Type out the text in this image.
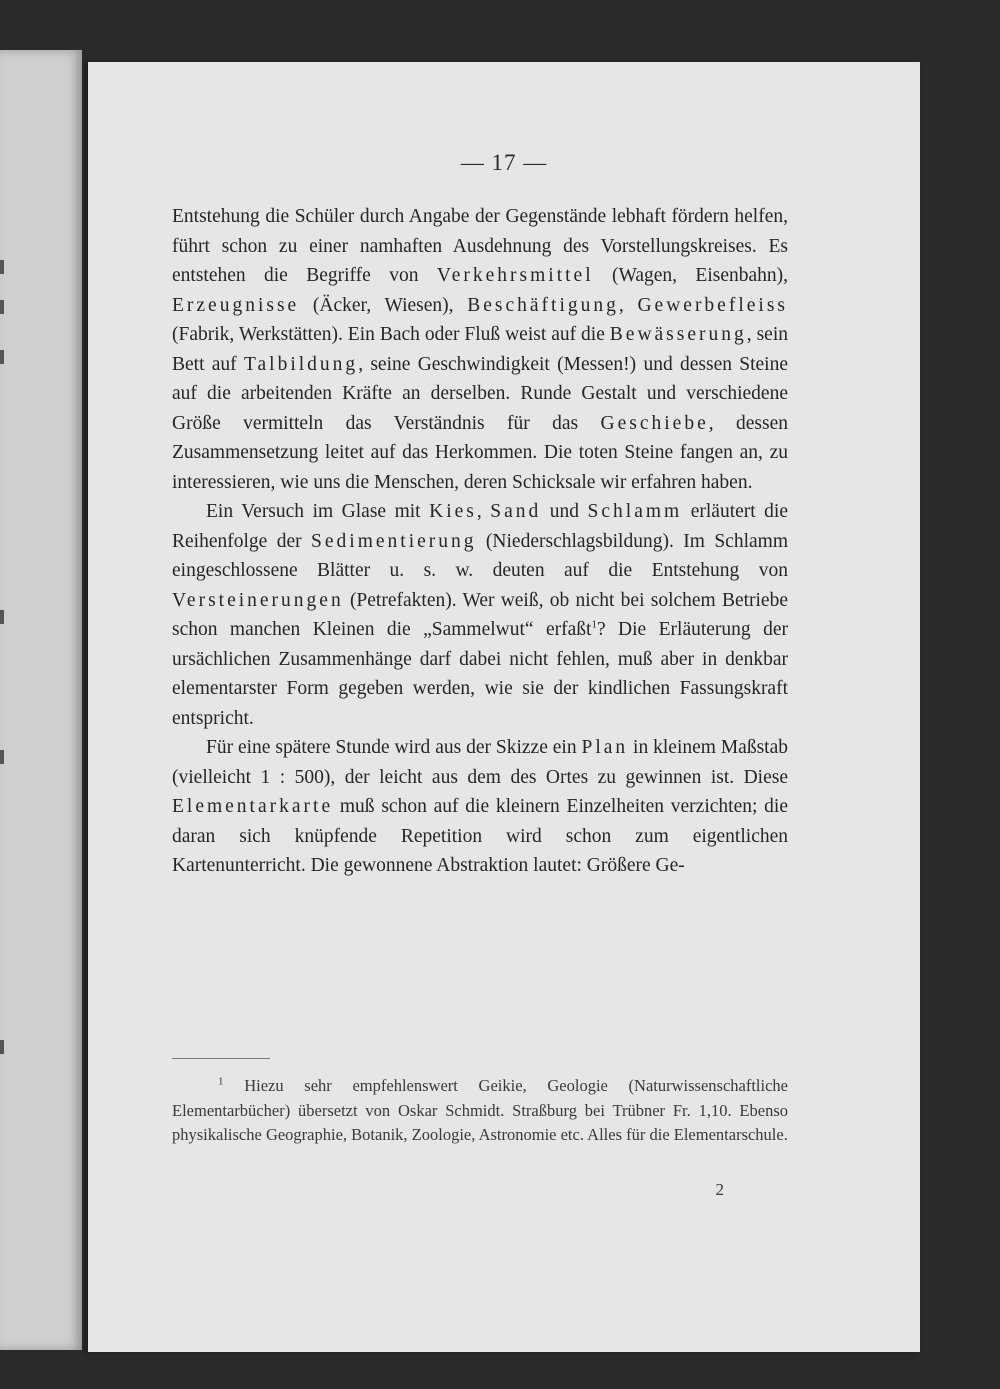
— 17 —

Entstehung die Schüler durch Angabe der Gegenstände lebhaft fördern helfen, führt schon zu einer namhaften Ausdehnung des Vorstellungskreises. Es entstehen die Begriffe von Verkehrsmittel (Wagen, Eisenbahn), Erzeugnisse (Äcker, Wiesen), Beschäftigung, Gewerbefleiss (Fabrik, Werkstätten). Ein Bach oder Fluß weist auf die Bewässerung, sein Bett auf Talbildung, seine Geschwindigkeit (Messen!) und dessen Steine auf die arbeitenden Kräfte an derselben. Runde Gestalt und verschiedene Größe vermitteln das Verständnis für das Geschiebe, dessen Zusammensetzung leitet auf das Herkommen. Die toten Steine fangen an, zu interessieren, wie uns die Menschen, deren Schicksale wir erfahren haben.

Ein Versuch im Glase mit Kies, Sand und Schlamm erläutert die Reihenfolge der Sedimentierung (Niederschlagsbildung). Im Schlamm eingeschlossene Blätter u. s. w. deuten auf die Entstehung von Versteinerungen (Petrefakten). Wer weiß, ob nicht bei solchem Betriebe schon manchen Kleinen die „Sammelwut“ erfaßt$^1$? Die Erläuterung der ursächlichen Zusammenhänge darf dabei nicht fehlen, muß aber in denkbar elementarster Form gegeben werden, wie sie der kindlichen Fassungskraft entspricht.

Für eine spätere Stunde wird aus der Skizze ein Plan in kleinem Maßstab (vielleicht 1 : 500), der leicht aus dem des Ortes zu gewinnen ist. Diese Elementarkarte muß schon auf die kleinern Einzelheiten verzichten; die daran sich knüpfende Repetition wird schon zum eigentlichen Kartenunterricht. Die gewonnene Abstraktion lautet: Größere Ge-

$^1$ Hiezu sehr empfehlenswert Geikie, Geologie (Naturwissenschaftliche Elementarbücher) übersetzt von Oskar Schmidt. Straßburg bei Trübner Fr. 1,10. Ebenso physikalische Geographie, Botanik, Zoologie, Astronomie etc. Alles für die Elementarschule.
2
